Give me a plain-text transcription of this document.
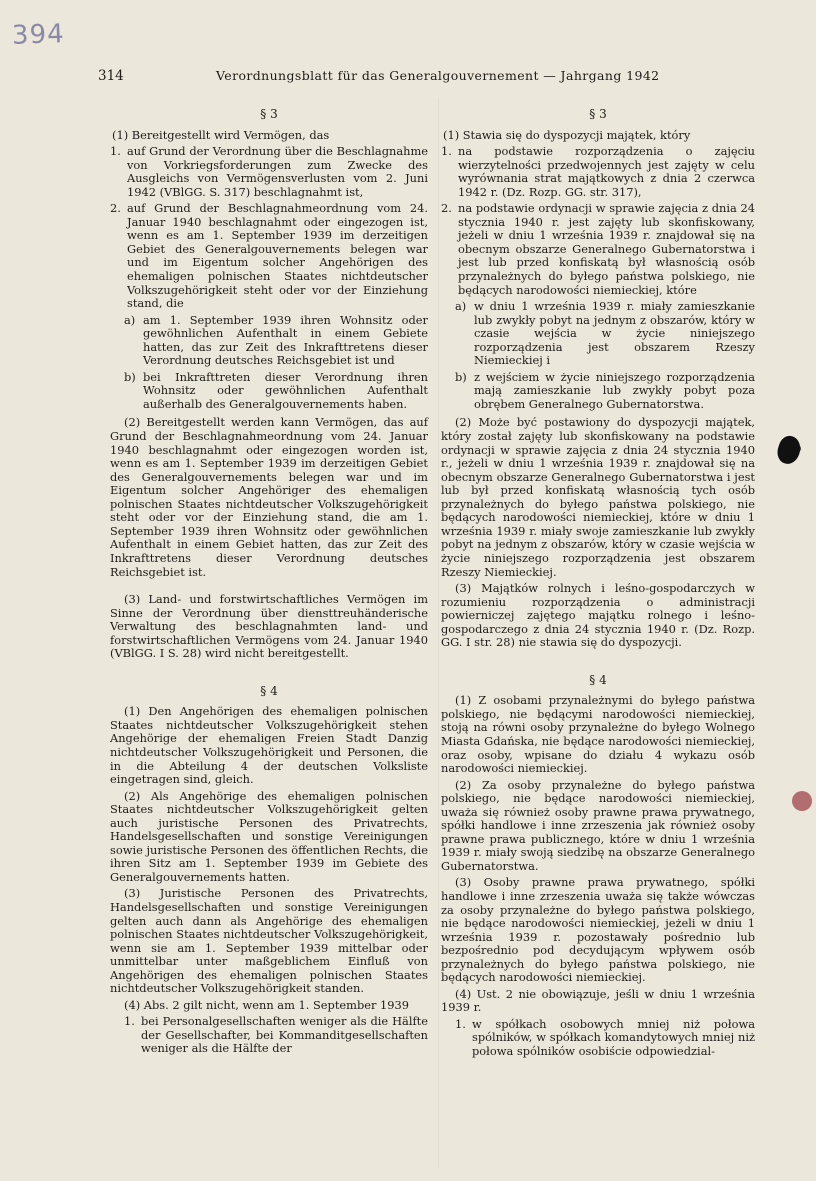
394
314	Verordnungsblatt für das Generalgouvernement — Jahrgang 1942
§ 3

(1) Bereitgestellt wird Vermögen, das

1. auf Grund der Verordnung über die Beschlagnahme von Vorkriegsforderungen zum Zwecke des Ausgleichs von Vermögensverlusten vom 2. Juni 1942 (VBlGG. S. 317) beschlagnahmt ist,
2. auf Grund der Beschlagnahmeordnung vom 24. Januar 1940 beschlagnahmt oder eingezogen ist, wenn es am 1. September 1939 im derzeitigen Gebiet des Generalgouvernements belegen war und im Eigentum solcher Angehörigen des ehemaligen polnischen Staates nichtdeutscher Volkszugehörigkeit steht oder vor der Einziehung stand, die
a) am 1. September 1939 ihren Wohnsitz oder gewöhnlichen Aufenthalt in einem Gebiete hatten, das zur Zeit des Inkrafttretens dieser Verordnung deutsches Reichsgebiet ist und
b) bei Inkrafttreten dieser Verordnung ihren Wohnsitz oder gewöhnlichen Aufenthalt außerhalb des Generalgouvernements haben.

(2) Bereitgestellt werden kann Vermögen, das auf Grund der Beschlagnahmeordnung vom 24. Januar 1940 beschlagnahmt oder eingezogen worden ist, wenn es am 1. September 1939 im derzeitigen Gebiet des Generalgouvernements belegen war und im Eigentum solcher Angehöriger des ehemaligen polnischen Staates nichtdeutscher Volkszugehörigkeit steht oder vor der Einziehung stand, die am 1. September 1939 ihren Wohnsitz oder gewöhnlichen Aufenthalt in einem Gebiet hatten, das zur Zeit des Inkrafttretens dieser Verordnung deutsches Reichsgebiet ist.

(3) Land- und forstwirtschaftliches Vermögen im Sinne der Verordnung über diensttreuhänderische Verwaltung des beschlagnahmten land- und forstwirtschaftlichen Vermögens vom 24. Januar 1940 (VBlGG. I S. 28) wird nicht bereitgestellt.

§ 4

(1) Den Angehörigen des ehemaligen polnischen Staates nichtdeutscher Volkszugehörigkeit stehen Angehörige der ehemaligen Freien Stadt Danzig nichtdeutscher Volkszugehörigkeit und Personen, die in die Abteilung 4 der deutschen Volksliste eingetragen sind, gleich.

(2) Als Angehörige des ehemaligen polnischen Staates nichtdeutscher Volkszugehörigkeit gelten auch juristische Personen des Privatrechts, Handelsgesellschaften und sonstige Vereinigungen sowie juristische Personen des öffentlichen Rechts, die ihren Sitz am 1. September 1939 im Gebiete des Generalgouvernements hatten.

(3) Juristische Personen des Privatrechts, Handelsgesellschaften und sonstige Vereinigungen gelten auch dann als Angehörige des ehemaligen polnischen Staates nichtdeutscher Volkszugehörigkeit, wenn sie am 1. September 1939 mittelbar oder unmittelbar unter maßgeblichem Einfluß von Angehörigen des ehemaligen polnischen Staates nichtdeutscher Volkszugehörigkeit standen.

(4) Abs. 2 gilt nicht, wenn am 1. September 1939

1. bei Personalgesellschaften weniger als die Hälfte der Gesellschafter, bei Kommanditgesellschaften weniger als die Hälfte der
§ 3

(1) Stawia się do dyspozycji majątek, który

1. na podstawie rozporządzenia o zajęciu wierzytelności przedwojennych jest zajęty w celu wyrównania strat majątkowych z dnia 2 czerwca 1942 r. (Dz. Rozp. GG. str. 317),
2. na podstawie ordynacji w sprawie zajęcia z dnia 24 stycznia 1940 r. jest zajęty lub skonfiskowany, jeżeli w dniu 1 września 1939 r. znajdował się na obecnym obszarze Generalnego Gubernatorstwa i jest lub przed konfiskatą był własnością osób przynależnych do byłego państwa polskiego, nie będących narodowości niemieckiej, które
a) w dniu 1 września 1939 r. miały zamieszkanie lub zwykły pobyt na jednym z obszarów, który w czasie wejścia w życie niniejszego rozporządzenia jest obszarem Rzeszy Niemieckiej i
b) z wejściem w życie niniejszego rozporządzenia mają zamieszkanie lub zwykły pobyt poza obrębem Generalnego Gubernatorstwa.

(2) Może być postawiony do dyspozycji majątek, który został zajęty lub skonfiskowany na podstawie ordynacji w sprawie zajęcia z dnia 24 stycznia 1940 r., jeżeli w dniu 1 września 1939 r. znajdował się na obecnym obszarze Generalnego Gubernatorstwa i jest lub był przed konfiskatą własnością tych osób przynależnych do byłego państwa polskiego, nie będących narodowości niemieckiej, które w dniu 1 września 1939 r. miały swoje zamieszkanie lub zwykły pobyt na jednym z obszarów, który w czasie wejścia w życie niniejszego rozporządzenia jest obszarem Rzeszy Niemieckiej.

(3) Majątków rolnych i leśno-gospodarczych w rozumieniu rozporządzenia o administracji powierniczej zajętego majątku rolnego i leśno-gospodarczego z dnia 24 stycznia 1940 r. (Dz. Rozp. GG. I str. 28) nie stawia się do dyspozycji.

§ 4

(1) Z osobami przynależnymi do byłego państwa polskiego, nie będącymi narodowości niemieckiej, stoją na równi osoby przynależne do byłego Wolnego Miasta Gdańska, nie będące narodowości niemieckiej, oraz osoby, wpisane do działu 4 wykazu osób narodowości niemieckiej.

(2) Za osoby przynależne do byłego państwa polskiego, nie będące narodowości niemieckiej, uważa się również osoby prawne prawa prywatnego, spółki handlowe i inne zrzeszenia jak również osoby prawne prawa publicznego, które w dniu 1 września 1939 r. miały swoją siedzibę na obszarze Generalnego Gubernatorstwa.

(3) Osoby prawne prawa prywatnego, spółki handlowe i inne zrzeszenia uważa się także wówczas za osoby przynależne do byłego państwa polskiego, nie będące narodowości niemieckiej, jeżeli w dniu 1 września 1939 r. pozostawały pośrednio lub bezpośrednio pod decydującym wpływem osób przynależnych do byłego państwa polskiego, nie będących narodowości niemieckiej.

(4) Ust. 2 nie obowiązuje, jeśli w dniu 1 września 1939 r.

1. w spółkach osobowych mniej niż połowa spólników, w spółkach komandytowych mniej niż połowa spólników osobiście odpowiedzial-
